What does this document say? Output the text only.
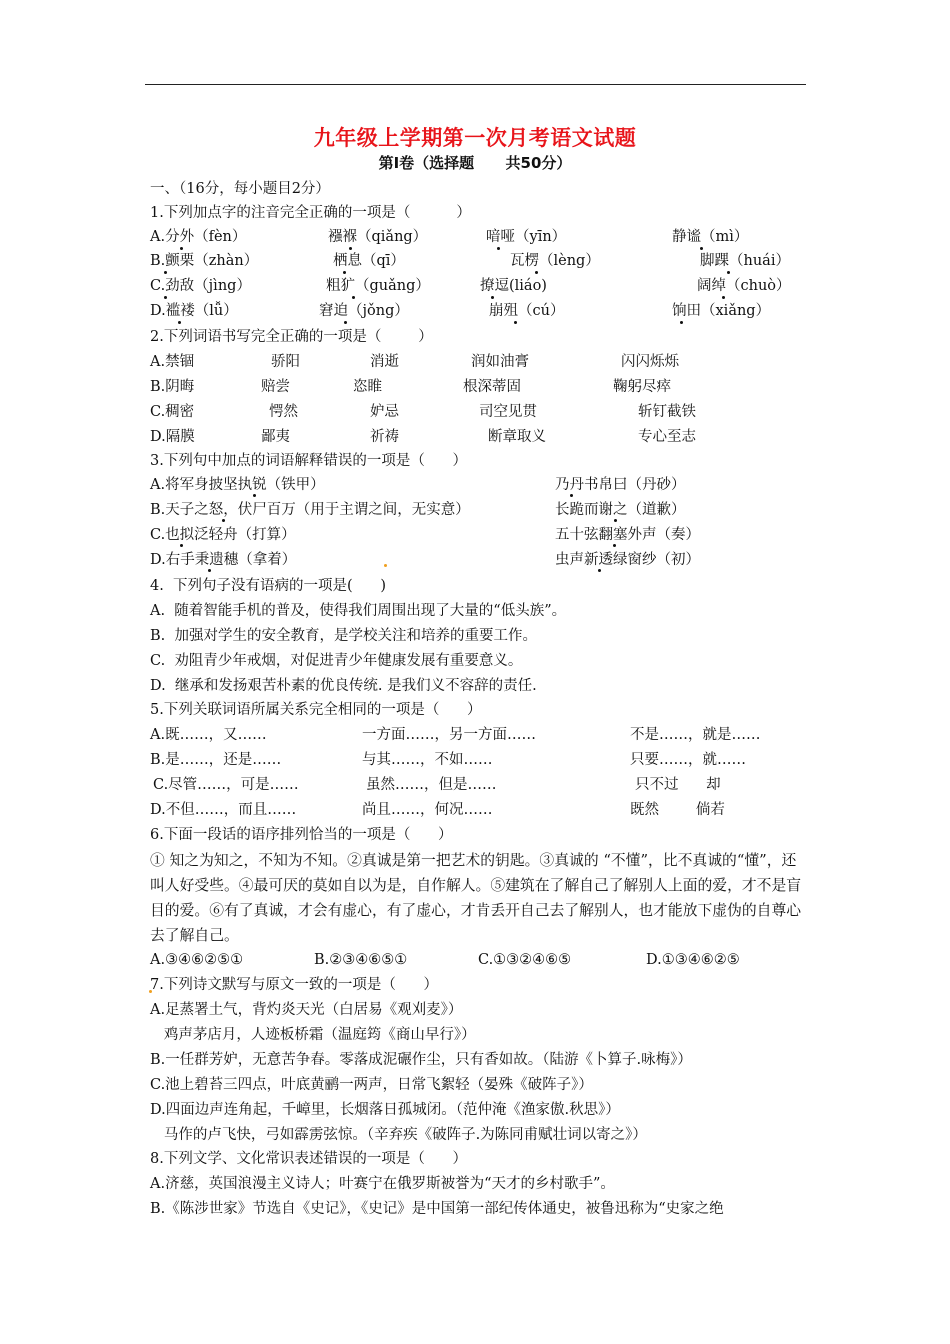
九年级上学期第一次月考语文试题
第Ⅰ卷（选择题      共50分）
一、（16分，每小题目2分）
1.下列加点字的注音完全正确的一项是（          ）
A.分外（fèn）	襁褓（qiǎng）	喑哑（yīn）	静谧（mì）
B.颤栗（zhàn）	栖息（qī）	瓦楞（lèng）	脚踝（huái）
C.劲敌（jìng）	粗犷（guǎng）	撩逗(liáo)	阔绰（chuò）
D.褴褛（lǚ）	窘迫（jǒng）	崩殂（cú）	饷田（xiǎng）
2.下列词语书写完全正确的一项是（        ）
A.禁锢	骄阳	消逝	润如油膏	闪闪烁烁
B.阴晦	赔尝	恣睢	根深蒂固	鞠躬尽瘁
C.稠密	愕然	妒忌	司空见贯	斩钉截铁
D.隔膜	鄙夷	祈祷	断章取义	专心至志
3.下列句中加点的词语解释错误的一项是（      ）
A.将军身披坚执锐（铁甲）	乃丹书帛曰（丹砂）
B.天子之怒，伏尸百万（用于主谓之间，无实意）	长跪而谢之（道歉）
C.也拟泛轻舟（打算）	五十弦翻塞外声（奏）
D.右手秉遗穗（拿着）	虫声新透绿窗纱（初）
4.  下列句子没有语病的一项是(      )
A.  随着智能手机的普及，使得我们周围出现了大量的“低头族”。
B.  加强对学生的安全教育，是学校关注和培养的重要工作。
C.  劝阻青少年戒烟，对促进青少年健康发展有重要意义。
D.  继承和发扬艰苦朴素的优良传统. 是我们义不容辞的责任.
5.下列关联词语所属关系完全相同的一项是（      ）
A.既……，又……	一方面……，另一方面……	不是……，就是……
B.是……，还是……	与其……，不如……	只要……，就……
C.尽管……，可是……	虽然……，但是……	只不过      却
D.不但……，而且……	尚且……，何况……	既然        倘若
6.下面一段话的语序排列恰当的一项是（      ）
① 知之为知之，不知为不知。②真诚是第一把艺术的钥匙。③真诚的 “不懂”，比不真诚的“懂”，还叫人好受些。④最可厌的莫如自以为是，自作解人。⑤建筑在了解自己了解别人上面的爱，才不是盲目的爱。⑥有了真诚，才会有虚心，有了虚心，才肯丢开自己去了解别人，也才能放下虚伪的自尊心去了解自己。
A.③④⑥②⑤①	B.②③④⑥⑤①	C.①③②④⑥⑤	D.①③④⑥②⑤
7.下列诗文默写与原文一致的一项是（      ）
A.足蒸署土气，背灼炎天光（白居易《观刈麦》）
鸡声茅店月，人迹板桥霜（温庭筠《商山早行》）
B.一任群芳妒，无意苦争春。零落成泥碾作尘，只有香如故。（陆游《卜算子.咏梅》）
C.池上碧苔三四点，叶底黄鹂一两声，日常飞絮轻（晏殊《破阵子》）
D.四面边声连角起，千嶂里，长烟落日孤城闭。（范仲淹《渔家傲.秋思》）
马作的卢飞快，弓如霹雳弦惊。（辛弃疾《破阵子.为陈同甫赋壮词以寄之》）
8.下列文学、文化常识表述错误的一项是（      ）
A.济慈，英国浪漫主义诗人；叶赛宁在俄罗斯被誉为“天才的乡村歌手”。
B.《陈涉世家》节选自《史记》，《史记》是中国第一部纪传体通史，被鲁迅称为“史家之绝
